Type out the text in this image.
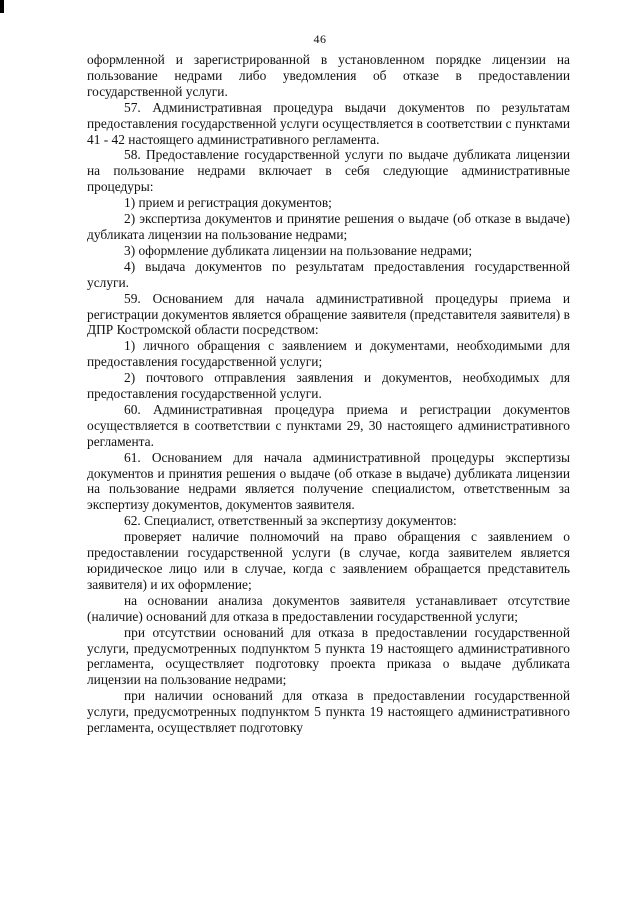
46

оформленной и зарегистрированной в установленном порядке лицензии на пользование недрами либо уведомления об отказе в предоставлении государственной услуги.

57. Административная процедура выдачи документов по результатам предоставления государственной услуги осуществляется в соответствии с пунктами 41 - 42 настоящего административного регламента.

58. Предоставление государственной услуги по выдаче дубликата лицензии на пользование недрами включает в себя следующие административные процедуры:

1) прием и регистрация документов;

2) экспертиза документов и принятие решения о выдаче (об отказе в выдаче) дубликата лицензии на пользование недрами;

3) оформление дубликата лицензии на пользование недрами;

4) выдача документов по результатам предоставления государственной услуги.

59. Основанием для начала административной процедуры приема и регистрации документов является обращение заявителя (представителя заявителя) в ДПР Костромской области посредством:

1) личного обращения с заявлением и документами, необходимыми для предоставления государственной услуги;

2) почтового отправления заявления и документов, необходимых для предоставления государственной услуги.

60. Административная процедура приема и регистрации документов осуществляется в соответствии с пунктами 29, 30 настоящего административного регламента.

61. Основанием для начала административной процедуры экспертизы документов и принятия решения о выдаче (об отказе в выдаче) дубликата лицензии на пользование недрами является получение специалистом, ответственным за экспертизу документов, документов заявителя.

62. Специалист, ответственный за экспертизу документов:

проверяет наличие полномочий на право обращения с заявлением о предоставлении государственной услуги (в случае, когда заявителем является юридическое лицо или в случае, когда с заявлением обращается представитель заявителя) и их оформление;

на основании анализа документов заявителя устанавливает отсутствие (наличие) оснований для отказа в предоставлении государственной услуги;

при отсутствии оснований для отказа в предоставлении государственной услуги, предусмотренных подпунктом 5 пункта 19 настоящего административного регламента, осуществляет подготовку проекта приказа о выдаче дубликата лицензии на пользование недрами;

при наличии оснований для отказа в предоставлении государственной услуги, предусмотренных подпунктом 5 пункта 19 настоящего административного регламента, осуществляет подготовку
